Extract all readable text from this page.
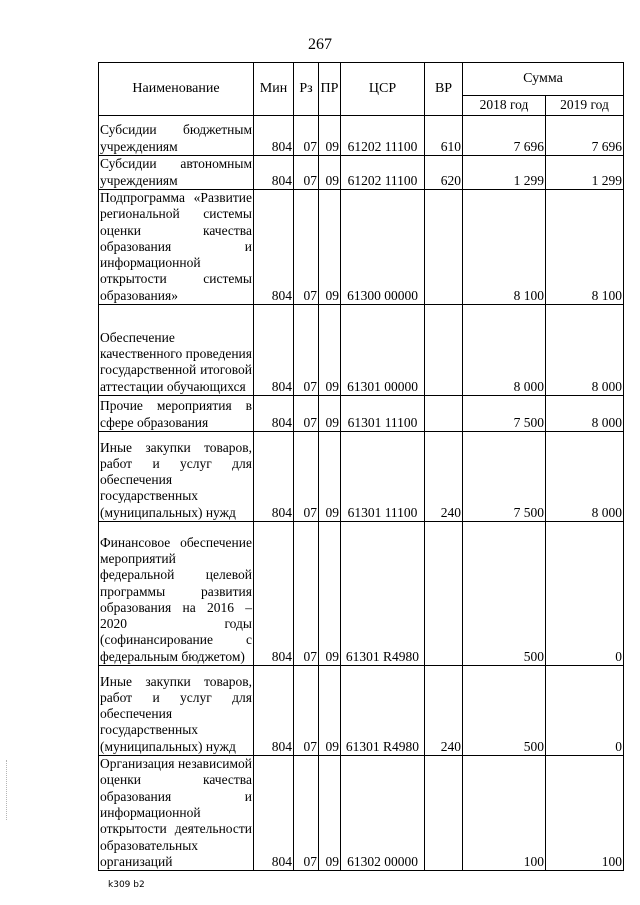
267
Наименование	Мин	Рз	ПР	ЦСР	ВР	Сумма	
						2018 год	2019 год
Субсидии бюджетным учреждениям	804	07	09	61202 11100	610	7 696	7 696
Субсидии автономным учреждениям	804	07	09	61202 11100	620	1 299	1 299
Подпрограмма «Развитие региональной системы оценки качества образования и информационной открытости системы образования»	804	07	09	61300 00000		8 100	8 100
Обеспечение качественного проведения государственной итоговой аттестации обучающихся	804	07	09	61301 00000		8 000	8 000
Прочие мероприятия в сфере образования	804	07	09	61301 11100		7 500	8 000
Иные закупки товаров, работ и услуг для обеспечения государственных (муниципальных) нужд	804	07	09	61301 11100	240	7 500	8 000
Финансовое обеспечение мероприятий федеральной целевой программы развития образования на 2016 – 2020 годы (софинансирование с федеральным бюджетом)	804	07	09	61301 R4980		500	0
Иные закупки товаров, работ и услуг для обеспечения государственных (муниципальных) нужд	804	07	09	61301 R4980	240	500	0
Организация независимой оценки качества образования и информационной открытости деятельности образовательных организаций	804	07	09	61302 00000		100	100
k309 b2
